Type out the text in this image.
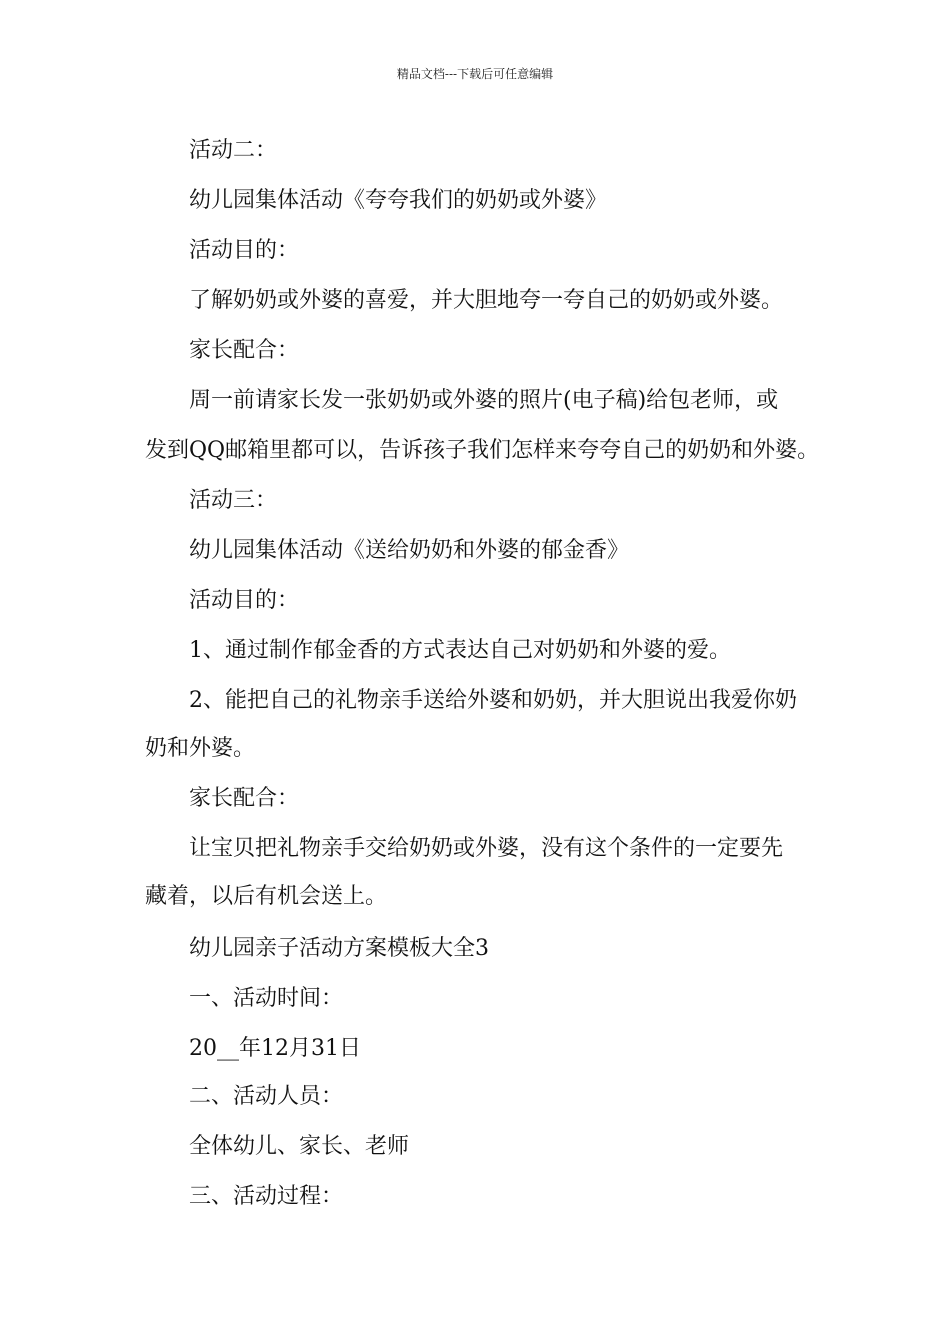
精品文档---下载后可任意编辑
活动二：
幼儿园集体活动《夸夸我们的奶奶或外婆》
活动目的：
了解奶奶或外婆的喜爱，并大胆地夸一夸自己的奶奶或外婆。
家长配合：
周一前请家长发一张奶奶或外婆的照片(电子稿)给包老师，或
发到QQ邮箱里都可以，告诉孩子我们怎样来夸夸自己的奶奶和外婆。
活动三：
幼儿园集体活动《送给奶奶和外婆的郁金香》
活动目的：
1、通过制作郁金香的方式表达自己对奶奶和外婆的爱。
2、能把自己的礼物亲手送给外婆和奶奶，并大胆说出我爱你奶
奶和外婆。
家长配合：
让宝贝把礼物亲手交给奶奶或外婆，没有这个条件的一定要先
藏着，以后有机会送上。
幼儿园亲子活动方案模板大全3
一、活动时间：
20__年12月31日
二、活动人员：
全体幼儿、家长、老师
三、活动过程：
